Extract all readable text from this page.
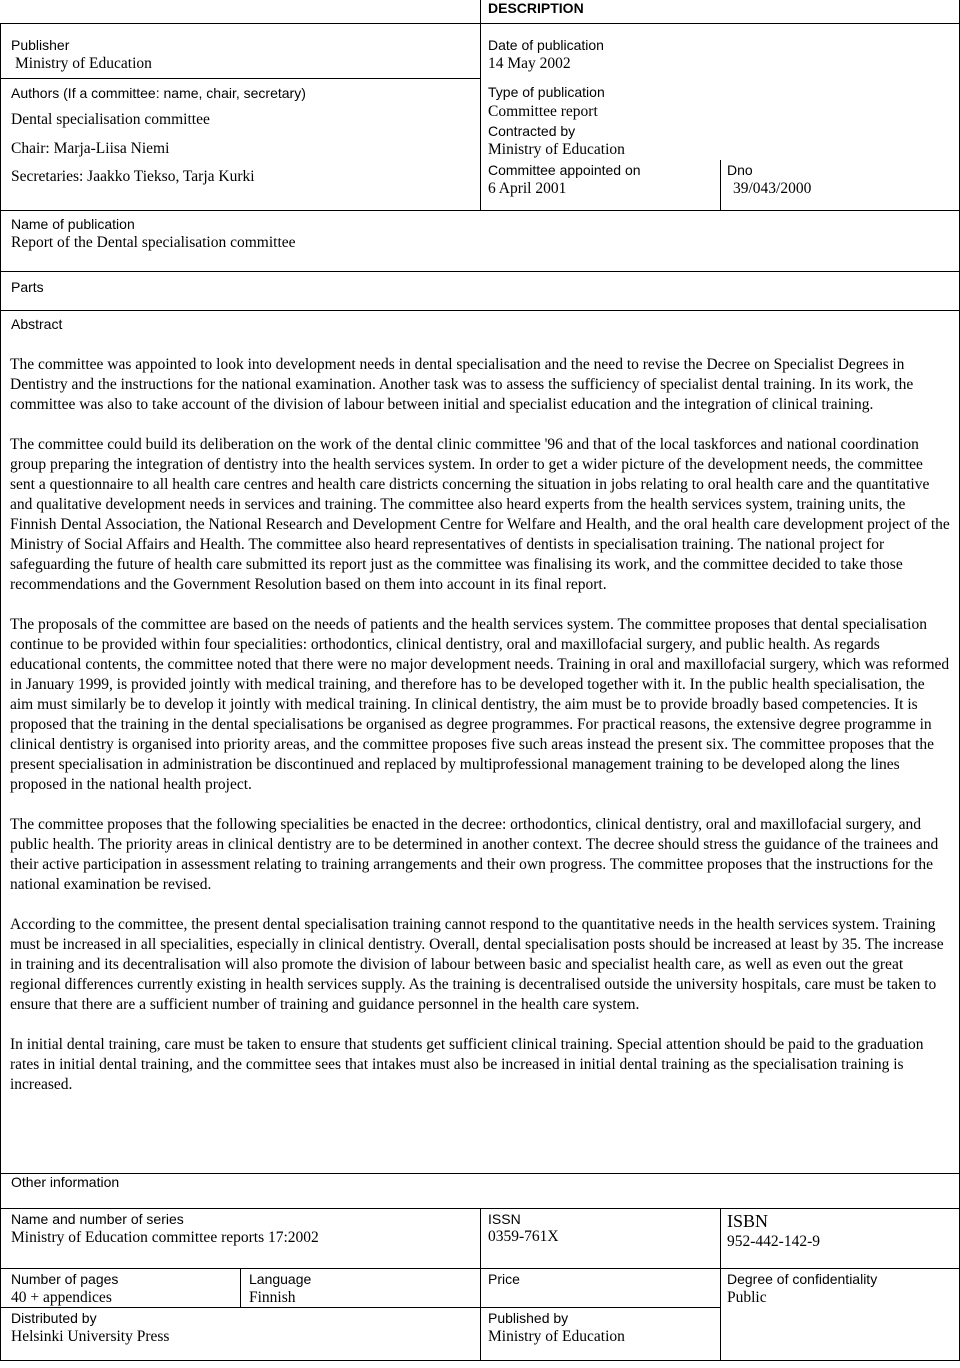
DESCRIPTION
Publisher
Ministry of Education
Date of publication
14 May 2002
Authors (If a committee: name, chair, secretary)
Dental specialisation committee
Chair: Marja-Liisa Niemi
Secretaries: Jaakko Tiekso, Tarja Kurki
Type of publication
Committee report
Contracted by
Ministry of Education
Committee appointed on
6 April 2001
Dno
39/043/2000
Name of publication
Report of the Dental specialisation committee
Parts
Abstract

The committee was appointed to look into development needs in dental specialisation and the need to revise the Decree on Specialist Degrees in Dentistry and the instructions for the national examination. Another task was to assess the sufficiency of specialist dental training. In its work, the committee was also to take account of the division of labour between initial and specialist education and the integration of clinical training.

The committee could build its deliberation on the work of the dental clinic committee '96 and that of the local taskforces and national coordination group preparing the integration of dentistry into the health services system. In order to get a wider picture of the development needs, the committee sent a questionnaire to all health care centres and health care districts concerning the situation in jobs relating to oral health care and the quantitative and qualitative development needs in services and training. The committee also heard experts from the health services system, training units, the Finnish Dental Association, the National Research and Development Centre for Welfare and Health, and the oral health care development project of the Ministry of Social Affairs and Health. The committee also heard representatives of dentists in specialisation training. The national project for safeguarding the future of health care submitted its report just as the committee was finalising its work, and the committee decided to take those recommendations and the Government Resolution based on them into account in its final report.

The proposals of the committee are based on the needs of patients and the health services system. The committee proposes that dental specialisation continue to be provided within four specialities: orthodontics, clinical dentistry, oral and maxillofacial surgery, and public health. As regards educational contents, the committee noted that there were no major development needs. Training in oral and maxillofacial surgery, which was reformed in January 1999, is provided jointly with medical training, and therefore has to be developed together with it. In the public health specialisation, the aim must similarly be to develop it jointly with medical training. In clinical dentistry, the aim must be to provide broadly based competencies. It is proposed that the training in the dental specialisations be organised as degree programmes. For practical reasons, the extensive degree programme in clinical dentistry is organised into priority areas, and the committee proposes five such areas instead the present six. The committee proposes that the present specialisation in administration be discontinued and replaced by multiprofessional management training to be developed along the lines proposed in the national health project.

The committee proposes that the following specialities be enacted in the decree: orthodontics, clinical dentistry, oral and maxillofacial surgery, and public health. The priority areas in clinical dentistry are to be determined in another context. The decree should stress the guidance of the trainees and their active participation in assessment relating to training arrangements and their own progress. The committee proposes that the instructions for the national examination be revised.

According to the committee, the present dental specialisation training cannot respond to the quantitative needs in the health services system. Training must be increased in all specialities, especially in clinical dentistry. Overall, dental specialisation posts should be increased at least by 35. The increase in training and its decentralisation will also promote the division of labour between basic and specialist health care, as well as even out the great regional differences currently existing in health services supply. As the training is decentralised outside the university hospitals, care must be taken to ensure that there are a sufficient number of training and guidance personnel in the health care system.

In initial dental training, care must be taken to ensure that students get sufficient clinical training. Special attention should be paid to the graduation rates in initial dental training, and the committee sees that intakes must also be increased in initial dental training as the specialisation training is increased.

Other information
Name and number of series
Ministry of Education committee reports 17:2002
ISSN
0359-761X
ISBN
952-442-142-9
Number of pages
40 + appendices
Language
Finnish
Price	Degree of confidentiality
Public
Distributed by
Helsinki University Press
Published by
Ministry of Education
